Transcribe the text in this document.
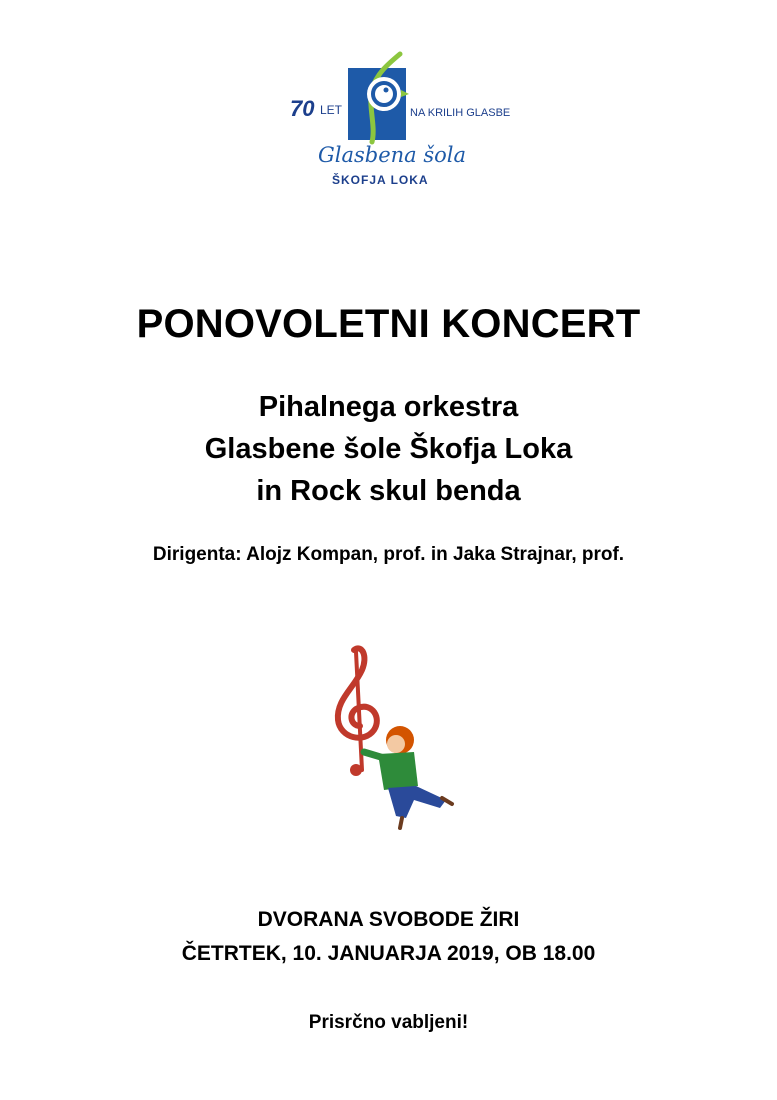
70 LET	NA KRILIH GLASBE
Glasbena šola
ŠKOFJA LOKA
PONOVOLETNI KONCERT
Pihalnega orkestra
Glasbene šole Škofja Loka
in Rock skul benda
Dirigenta: Alojz Kompan, prof. in Jaka Strajnar, prof.
DVORANA SVOBODE ŽIRI
ČETRTEK, 10. JANUARJA 2019, OB 18.00
Prisrčno vabljeni!
